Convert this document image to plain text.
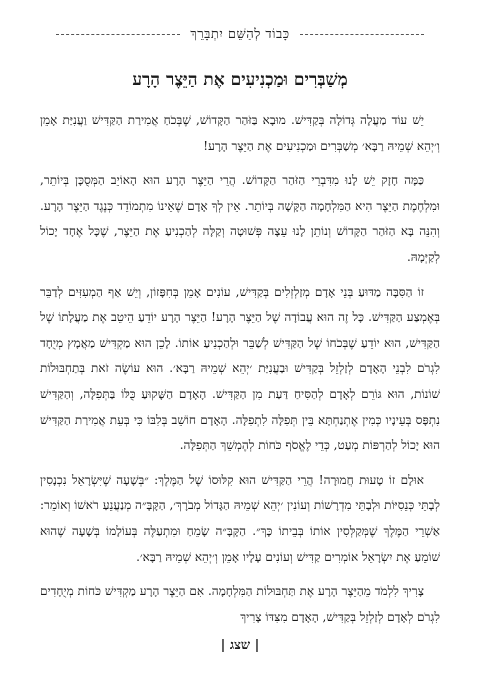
כָּבוֹד לְהַשֵּׁם יִתְבָּרֵךְ
מְשַׁבְּרִים וּמַכְנִיעִים אֶת הַיֵּצֶר הָרָע

יֵשׁ עוֹד מַעֲלָה גְּדוֹלָה בְּקַדִּישׁ. מוּבָא בַּזֹּהַר הַקָּדוֹשׁ, שֶׁבְּכֹחַ אֲמִירַת הַקַּדִּישׁ וַעֲנִיַּת אָמֵן וְ׳יְהֵא שְׁמֵיהּ רַבָּא׳ מְשַׁבְּרִים וּמַכְנִיעִים אֶת הַיֵּצֶר הָרָע!

כַּמָּה חָזָק יֵשׁ לָנוּ מִדִּבְרֵי הַזֹּהַר הַקָּדוֹשׁ. הֲרֵי הַיֵּצֶר הָרָע הוּא הָאוֹיֵב הַמְּסֻכָּן בְּיוֹתֵר, וּמִלְחֶמֶת הַיֵּצֶר הִיא הַמִּלְחָמָה הַקָּשָׁה בְּיוֹתֵר. אֵין לְךָ אָדָם שֶׁאֵינוֹ מִתְמוֹדֵד כְּנֶגֶד הַיֵּצֶר הָרָע. וְהִנֵּה בָּא הַזֹּהַר הַקָּדוֹשׁ וְנוֹתֵן לָנוּ עֵצָה פְּשׁוּטָה וְקַלָּה לְהַכְנִיעַ אֶת הַיֵּצֶר, שֶׁכָּל אֶחָד יָכוֹל לְקַיְּמָהּ.

זוֹ הַסִּבָּה מַדּוּעַ בְּנֵי אָדָם מְזַלְזְלִים בְּקַדִּישׁ, עוֹנִים אָמֵן בְּחִפָּזוֹן, וְיֵשׁ אַף הַמְעִזִּים לְדַבֵּר בְּאֶמְצַע הַקַּדִּישׁ. כָּל זֶה הוּא עֲבוֹדָה שֶׁל הַיֵּצֶר הָרָע! הַיֵּצֶר הָרָע יוֹדֵעַ הֵיטֵב אֶת מַעֲלָתוֹ שֶׁל הַקַּדִּישׁ, הוּא יוֹדֵעַ שֶׁבְּכֹחוֹ שֶׁל הַקַּדִּישׁ לְשַׁבֵּר וּלְהַכְנִיעַ אוֹתוֹ. לָכֵן הוּא מַקְדִּישׁ מַאֲמָץ מְיֻחָד לִגְרֹם לִבְנֵי הָאָדָם לְזַלְזֵל בְּקַדִּישׁ וּבַעֲנִיַּת ׳יְהֵא שְׁמֵיהּ רַבָּא׳. הוּא עוֹשֶׂה זֹאת בְּתַחְבּוּלוֹת שׁוֹנוֹת, הוּא גּוֹרֵם לְאָדָם לְהַסִּיחַ דַּעַת מִן הַקַּדִּישׁ. הָאָדָם הַשָּׁקוּעַ כֻּלּוֹ בַּתְּפִלָּה, וְהַקַּדִּישׁ נִתְפָּס בְּעֵינָיו כְּמִין אֶתְנַחְתָּא בֵּין תְּפִלָּה לִתְפִלָּה. הָאָדָם חוֹשֵׁב בְּלִבּוֹ כִּי בְּעֵת אֲמִירַת הַקַּדִּישׁ הוּא יָכוֹל לְהַרְפּוֹת מְעַט, כְּדֵי לֶאֱסֹף כֹּחוֹת לְהֶמְשֵׁךְ הַתְּפִלָּה.

אוּלָם זוֹ טָעוּת חֲמוּרָה! הֲרֵי הַקַּדִּישׁ הוּא קִלּוּסוֹ שֶׁל הַמֶּלֶךְ: ״בְּשָׁעָה שֶׁיִּשְׂרָאֵל נִכְנָסִין לְבָתֵּי כְּנֵסִיּוֹת וּלְבָתֵּי מִדְרָשׁוֹת וְעוֹנִין ׳יְהֵא שְׁמֵיהּ הַגָּדוֹל מְבֹרָךְ׳, הַקָּבָּ״ה מְנַעֲנֵעַ רֹאשׁוֹ וְאוֹמֵר: אַשְׁרֵי הַמֶּלֶךְ שֶׁמְּקַלְּסִין אוֹתוֹ בְּבֵיתוֹ כָּךְ״. הַקָּבָּ״ה שָׂמֵחַ וּמִתְעַלֶּה בְּעוֹלָמוֹ בְּשָׁעָה שֶׁהוּא שׁוֹמֵעַ אֶת יִשְׂרָאֵל אוֹמְרִים קַדִּישׁ וְעוֹנִים עָלָיו אָמֵן וְ׳יְהֵא שְׁמֵיהּ רַבָּא׳.

צָרִיךְ לִלְמֹד מֵהַיֵּצֶר הָרָע אֶת תַּחְבּוּלוֹת הַמִּלְחָמָה. אִם הַיֵּצֶר הָרָע מַקְדִּישׁ כֹּחוֹת מְיֻחָדִים לִגְרֹם לְאָדָם לְזַלְזֵל בְּקַדִּישׁ, הָאָדָם מִצִּדּוֹ צָרִיךְ

| שצג |
